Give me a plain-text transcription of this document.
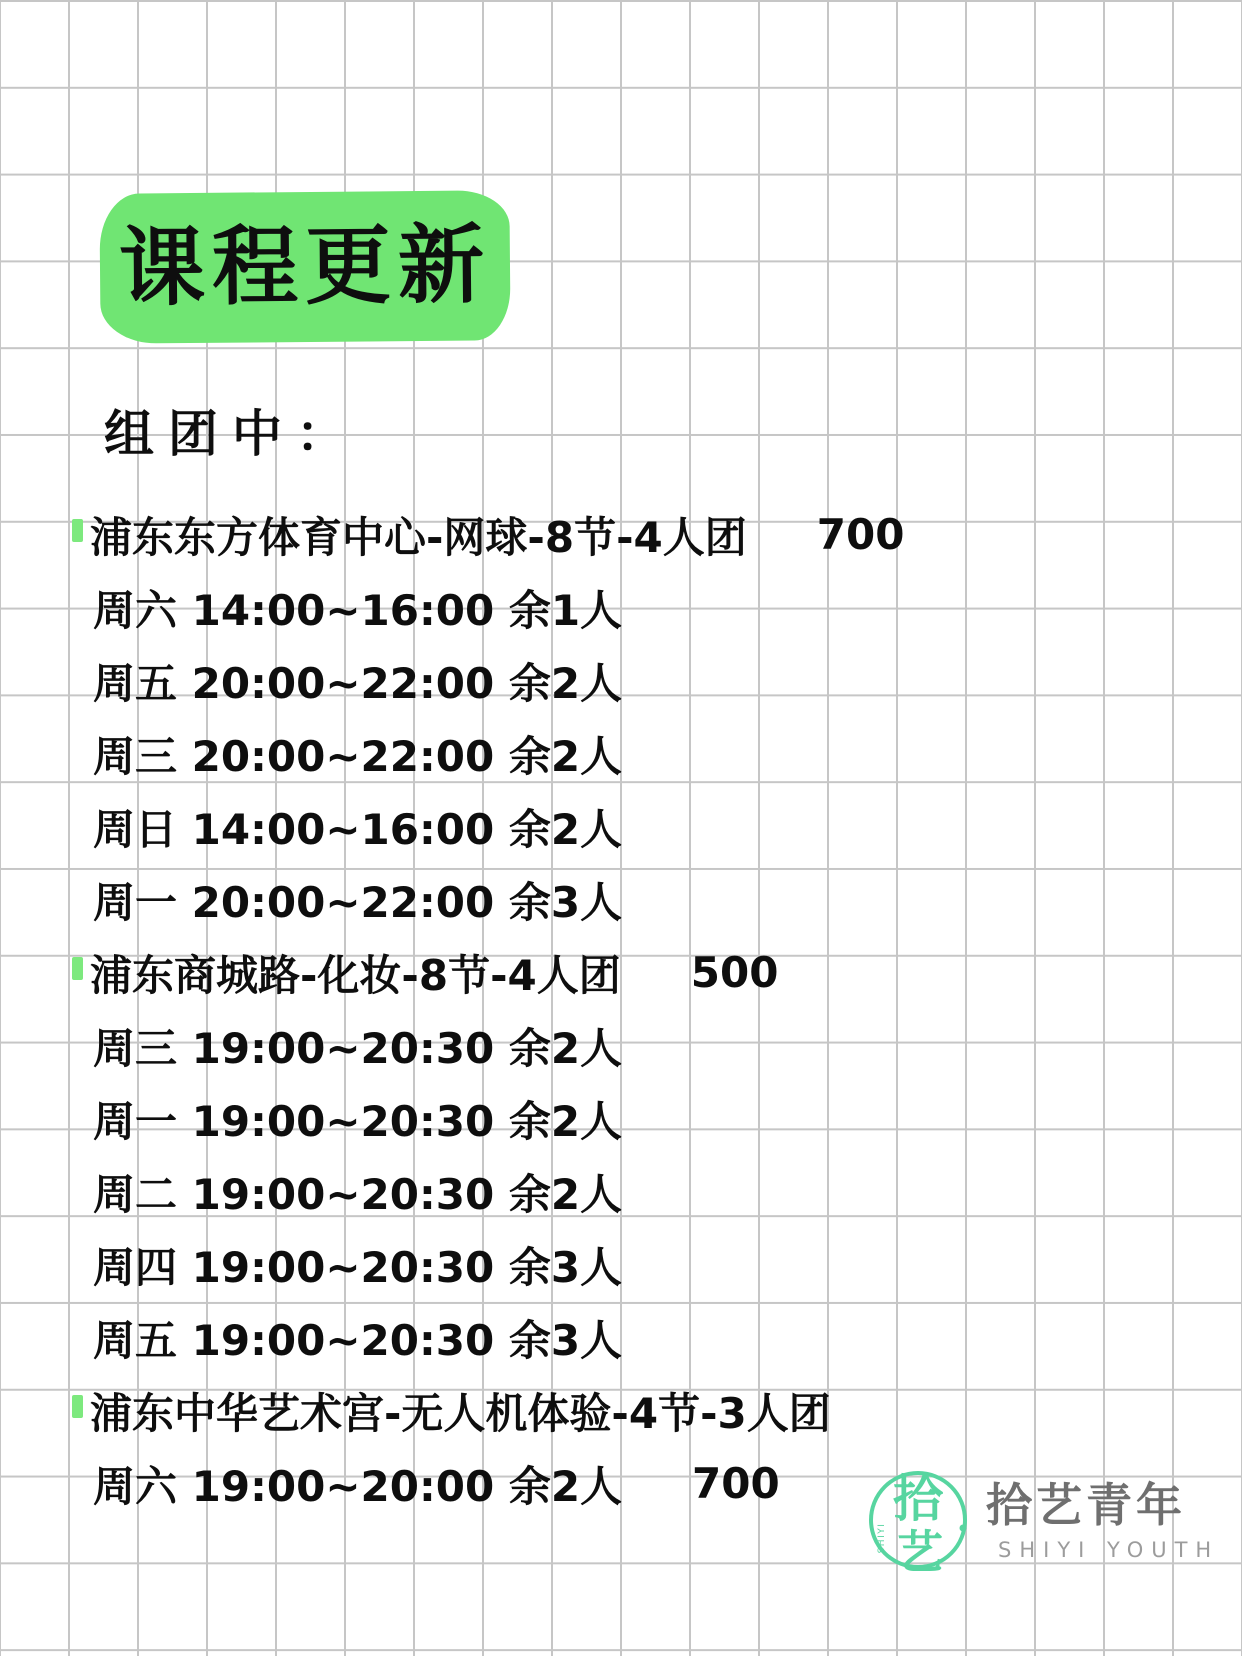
课程更新
组团中：
浦东东方体育中心-网球-8节-4人团 700
周六 14:00~16:00 余1人
周五 20:00~22:00 余2人
周三 20:00~22:00 余2人
周日 14:00~16:00 余2人
周一 20:00~22:00 余3人
浦东商城路-化妆-8节-4人团 500
周三 19:00~20:30 余2人
周一 19:00~20:30 余2人
周二 19:00~20:30 余2人
周四 19:00~20:30 余3人
周五 19:00~20:30 余3人
浦东中华艺术宫-无人机体验-4节-3人团
周六 19:00~20:00 余2人 700 拾
艺
SHIYI
拾艺青年
SHIYI YOUTH
